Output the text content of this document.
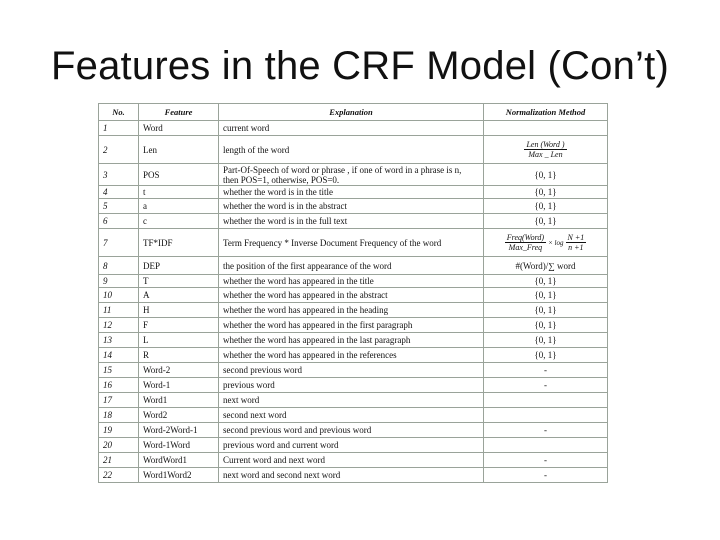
Features in the CRF Model (Con’t)
No.	Feature	Explanation	Normalization Method
1	Word	current word	
2	Len	length of the word	$\frac{\text{Len (Word )}}{\text{Max \_ Len}}$

3	POS	Part-Of-Speech of word or phrase , if one of word in a phrase is n, then POS=1, otherwise, POS=0.	{0, 1}
4	t	whether the word is in the title	{0, 1}
5	a	whether the word is in the abstract	{0, 1}
6	c	whether the word is in the full text	{0, 1}
7	TF*IDF	Term Frequency * Inverse Document Frequency of the word	$\frac{\text{Freq(Word)}}{\text{Max\_Freq}} \times \log \frac{N +1}{n +1}$

8	DEP	the position of the first appearance of the word	#(Word)/∑ word
9	T	whether the word has appeared in the title	{0, 1}
10	A	whether the word has appeared in the abstract	{0, 1}
11	H	whether the word has appeared in the heading	{0, 1}
12	F	whether the word has appeared in the first paragraph	{0, 1}
13	L	whether the word has appeared in the last paragraph	{0, 1}
14	R	whether the word has appeared in the references	{0, 1}
15	Word-2	second previous word	-
16	Word-1	previous word	-
17	Word1	next word	
18	Word2	second next word	
19	Word-2Word-1	second previous word and previous word	-
20	Word-1Word	previous word and current word	
21	WordWord1	Current word and next word	-
22	Word1Word2	next word and second next word	-
